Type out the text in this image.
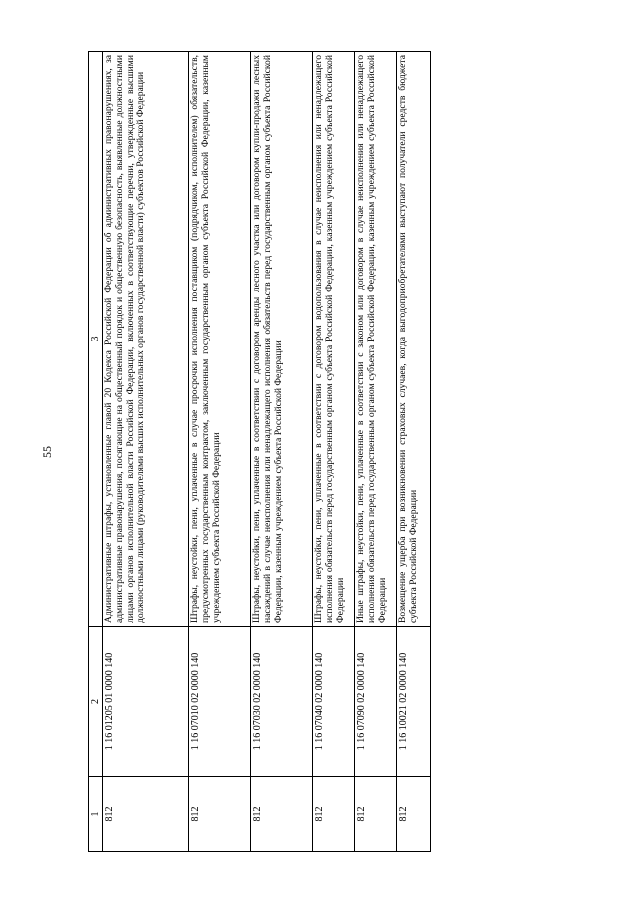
55
1	2	3
812	1 16 01205 01 0000 140	Административные штрафы, установленные главой 20 Кодекса Российской Федерации об административных правонарушениях, за административные правонарушения, посягающие на общественный порядок и общественную безопасность, выявленные должностными лицами органов исполнительной власти Российской Федерации, включенных в соответствующие перечни, утвержденные высшими должностными лицами (руководителями высших исполнительных органов государственной власти) субъектов Российской Федерации
812	1 16 07010 02 0000 140	Штрафы, неустойки, пени, уплаченные в случае просрочки исполнения поставщиком (подрядчиком, исполнителем) обязательств, предусмотренных государственным контрактом, заключенным государственным органом субъекта Российской Федерации, казенным учреждением субъекта Российской Федерации
812	1 16 07030 02 0000 140	Штрафы, неустойки, пени, уплаченные в соответствии с договором аренды лесного участка или договором купли-продажи лесных насаждений в случае неисполнения или ненадлежащего исполнения обязательств перед государственным органом субъекта Российской Федерации, казенным учреждением субъекта Российской Федерации
812	1 16 07040 02 0000 140	Штрафы, неустойки, пени, уплаченные в соответствии с договором водопользования в случае неисполнения или ненадлежащего исполнения обязательств перед государственным органом субъекта Российской Федерации, казенным учреждением субъекта Российской Федерации
812	1 16 07090 02 0000 140	Иные штрафы, неустойки, пени, уплаченные в соответствии с законом или договором в случае неисполнения или ненадлежащего исполнения обязательств перед государственным органом субъекта Российской Федерации, казенным учреждением субъекта Российской Федерации
812	1 16 10021 02 0000 140	Возмещение ущерба при возникновении страховых случаев, когда выгодоприобретателями выступают получатели средств бюджета субъекта Российской Федерации
